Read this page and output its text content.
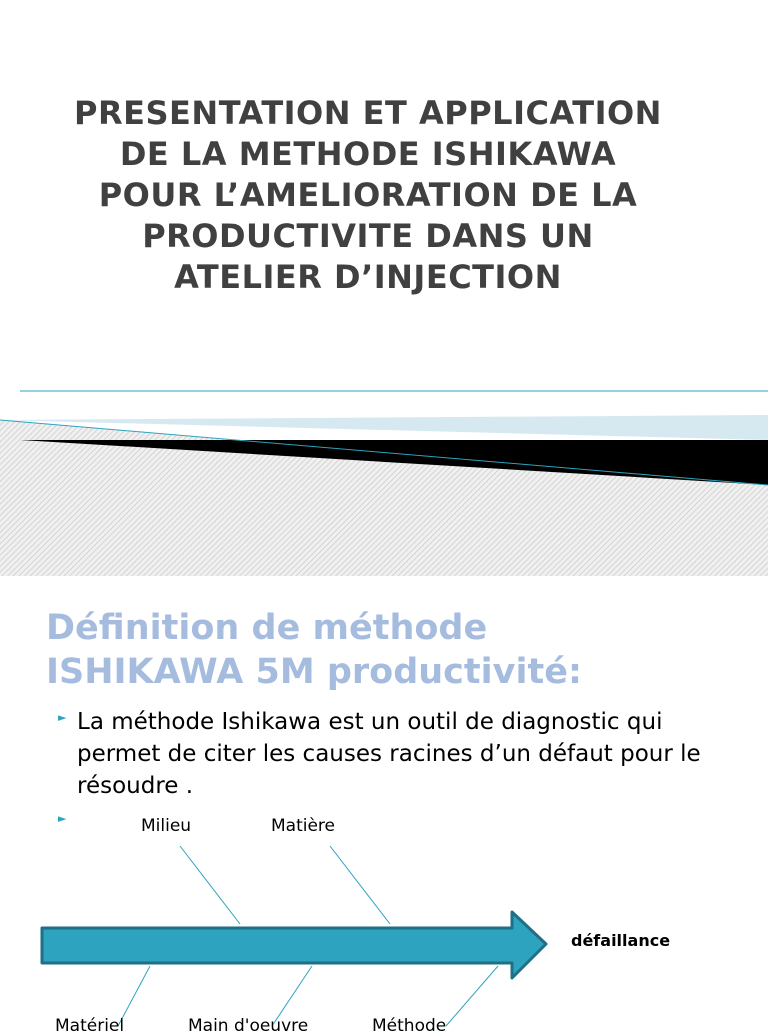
PRESENTATION ET APPLICATION
DE LA METHODE ISHIKAWA
POUR L’AMELIORATION DE LA
PRODUCTIVITE DANS UN
ATELIER D’INJECTION
Définition de méthode
ISHIKAWA 5M productivité:
► La méthode Ishikawa est un outil de diagnostic qui permet de citer les causes racines d’un défaut pour le résoudre .
►	Milieu	Matière
défaillance
Matériel	Main d'oeuvre	Méthode
